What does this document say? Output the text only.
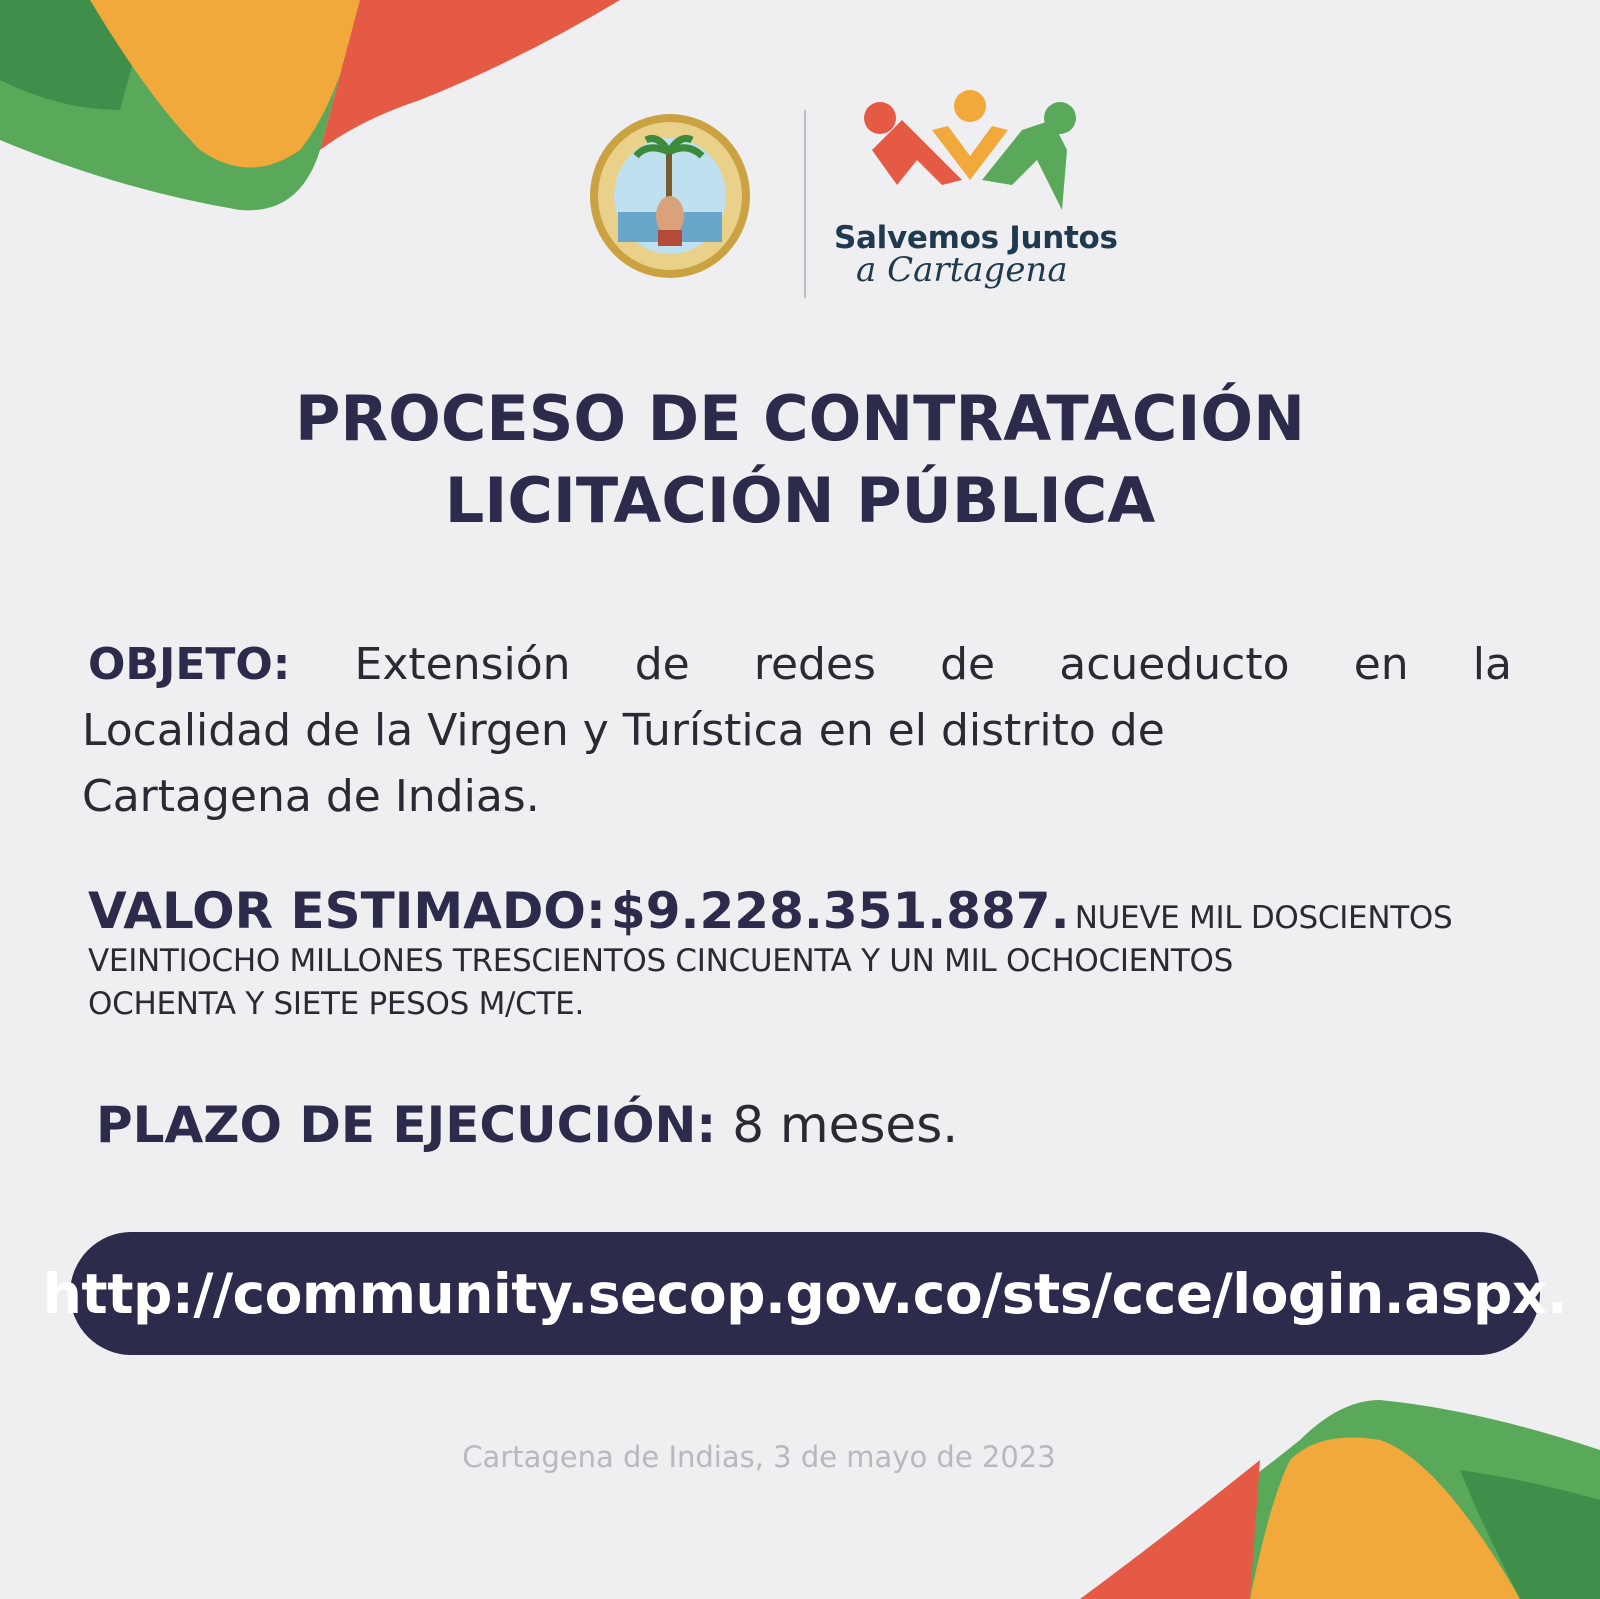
Salvemos Juntos
a Cartagena
PROCESO DE CONTRATACIÓN
LICITACIÓN PÚBLICA
OBJETO: Extensión de redes de acueducto en la
Localidad de la Virgen y Turística en el distrito de
Cartagena de Indias.
VALOR ESTIMADO: $9.228.351.887. NUEVE MIL DOSCIENTOS
VEINTIOCHO MILLONES TRESCIENTOS CINCUENTA Y UN MIL OCHOCIENTOS
OCHENTA Y SIETE PESOS M/CTE.
PLAZO DE EJECUCIÓN: 8 meses.
http://community.secop.gov.co/sts/cce/login.aspx.
Cartagena de Indias, 3 de mayo de 2023
